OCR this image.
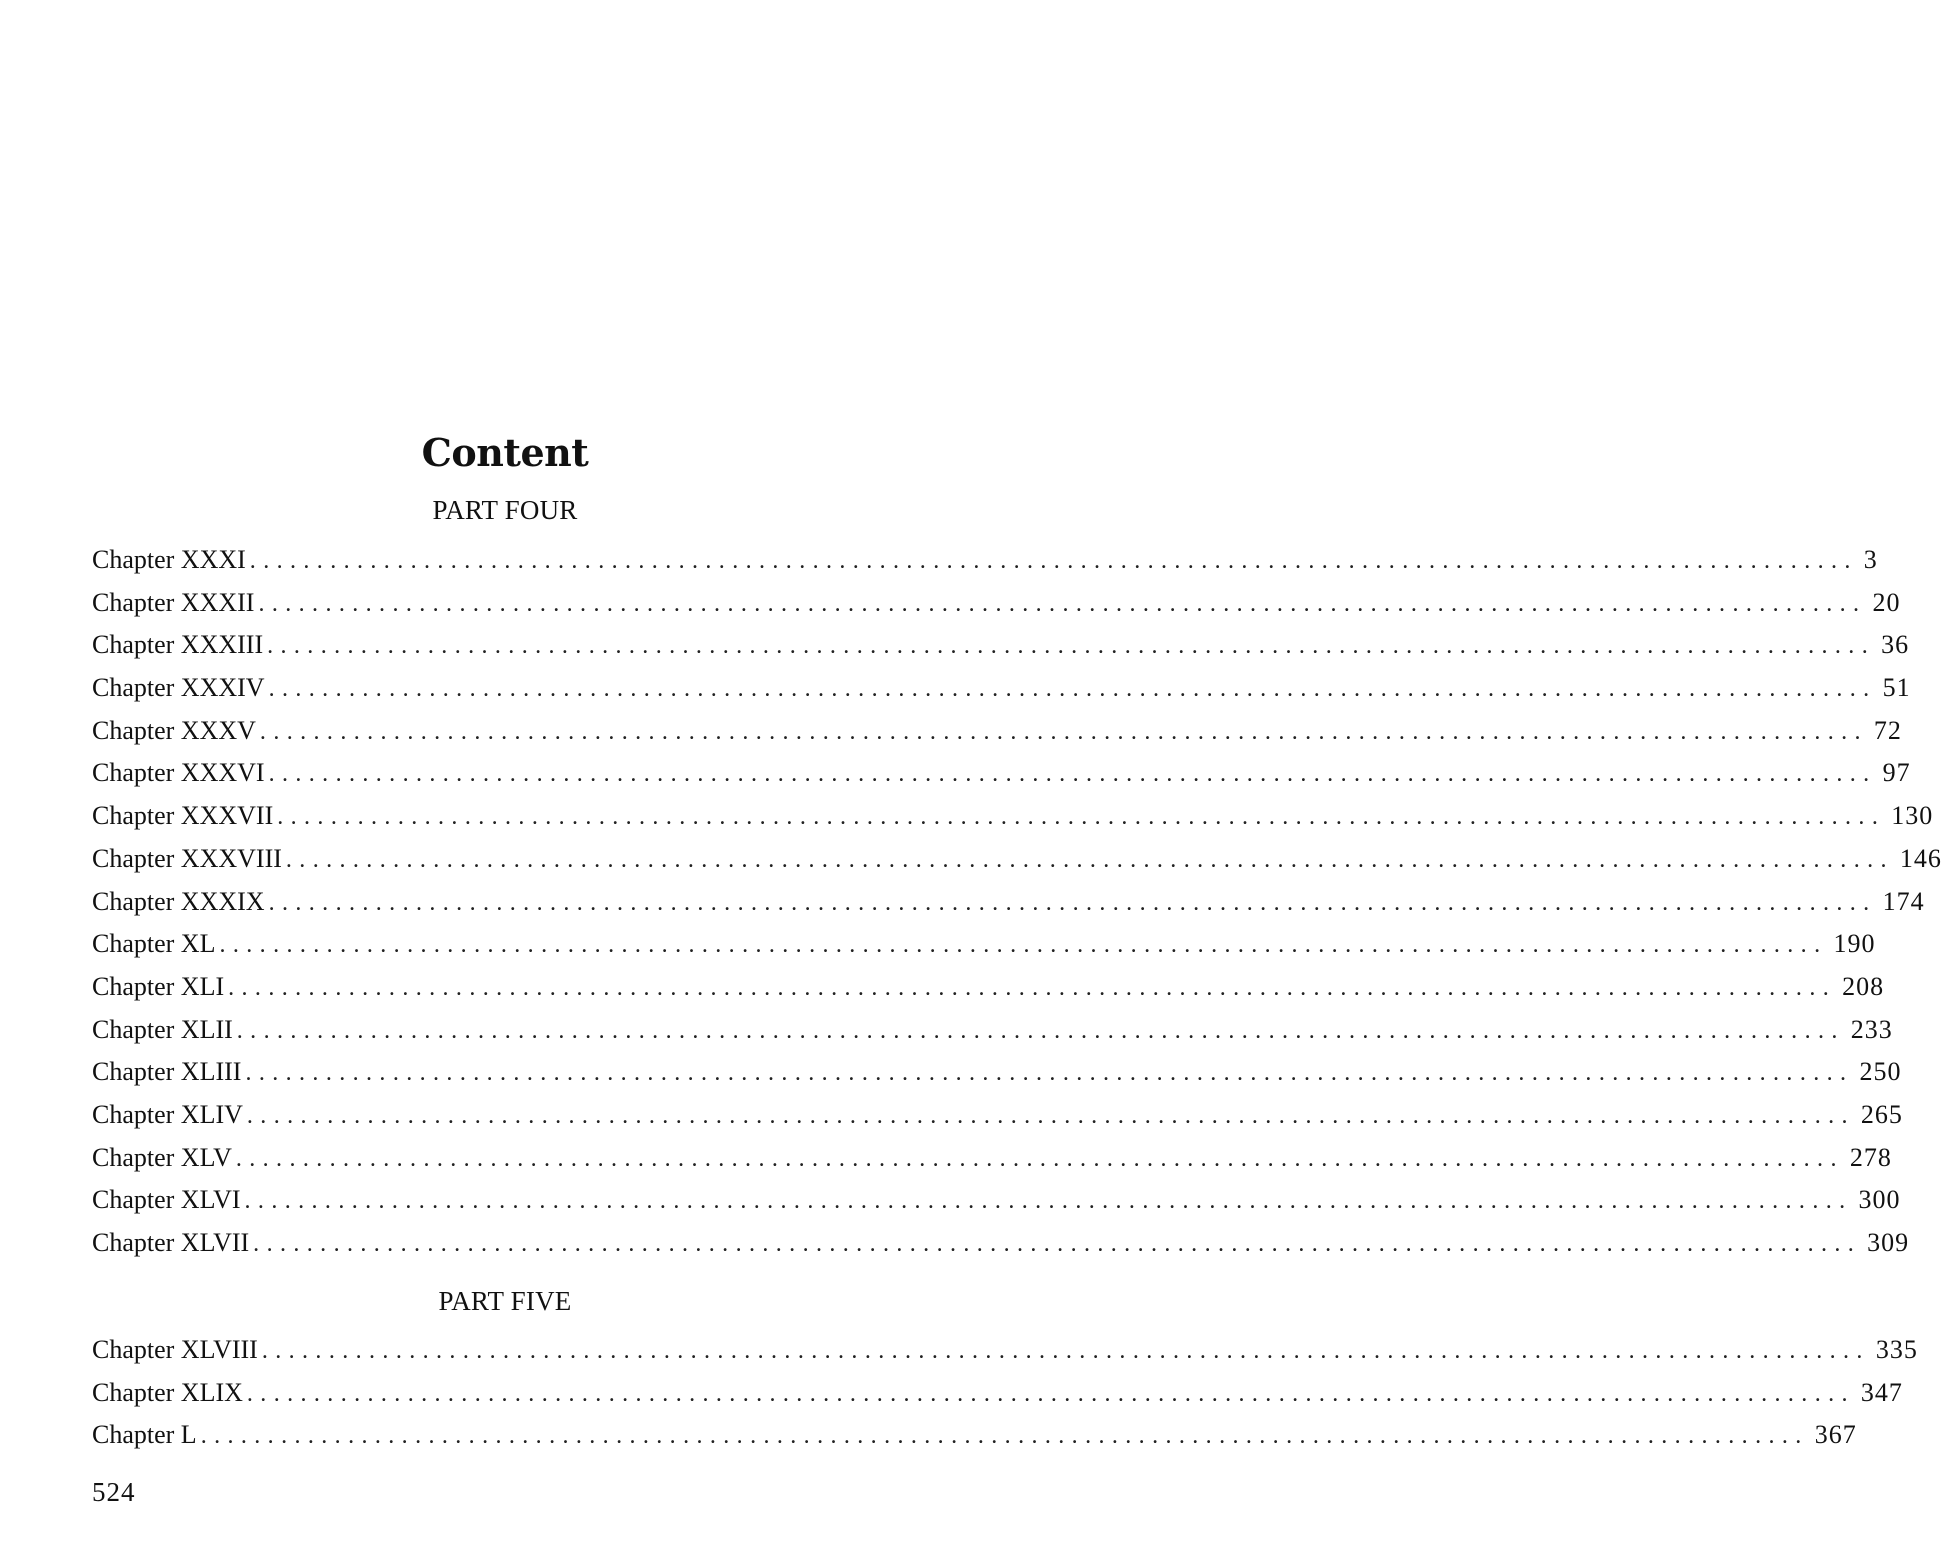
Content
PART FOUR
Chapter XXXI ........................................................................................................................ 3
Chapter XXXII ........................................................................................................................ 20
Chapter XXXIII ........................................................................................................................ 36
Chapter XXXIV ........................................................................................................................ 51
Chapter XXXV ........................................................................................................................ 72
Chapter XXXVI ........................................................................................................................ 97
Chapter XXXVII ........................................................................................................................ 130
Chapter XXXVIII ........................................................................................................................ 146
Chapter XXXIX ........................................................................................................................ 174
Chapter XL ........................................................................................................................ 190
Chapter XLI ........................................................................................................................ 208
Chapter XLII ........................................................................................................................ 233
Chapter XLIII ........................................................................................................................ 250
Chapter XLIV ........................................................................................................................ 265
Chapter XLV ........................................................................................................................ 278
Chapter XLVI ........................................................................................................................ 300
Chapter XLVII ........................................................................................................................ 309
PART FIVE
Chapter XLVIII ........................................................................................................................ 335
Chapter XLIX ........................................................................................................................ 347
Chapter L ........................................................................................................................ 367
524
